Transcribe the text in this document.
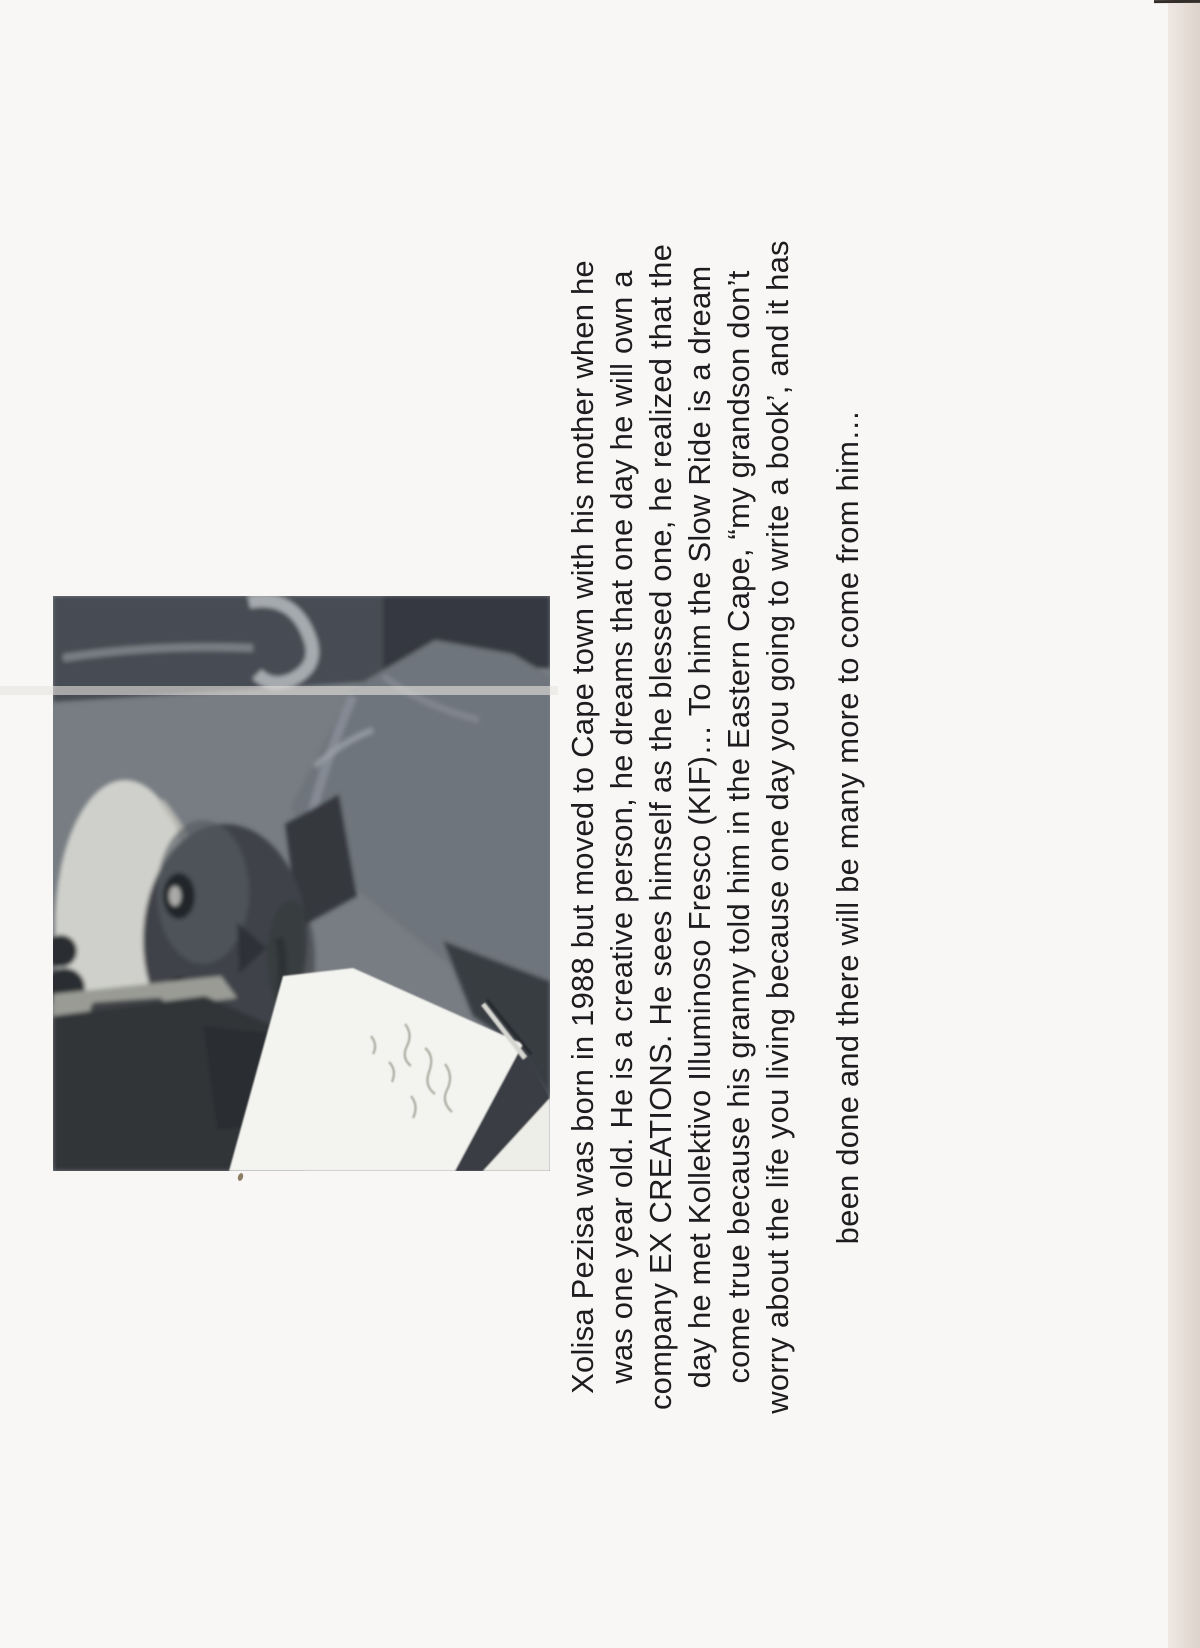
Xolisa Pezisa was born in 1988 but moved to Cape town with his mother when he was one year old. He is a creative person, he dreams that one day he will own a company EX CREATIONS. He sees himself as the blessed one, he realized that the day he met Kollektivo Illuminoso Fresco (KIF)… To him the Slow Ride is a dream come true because his granny told him in the Eastern Cape, “my grandson don’t worry about the life you living because one day you going to write a book’, and it has been done and there will be many more to come from him…
